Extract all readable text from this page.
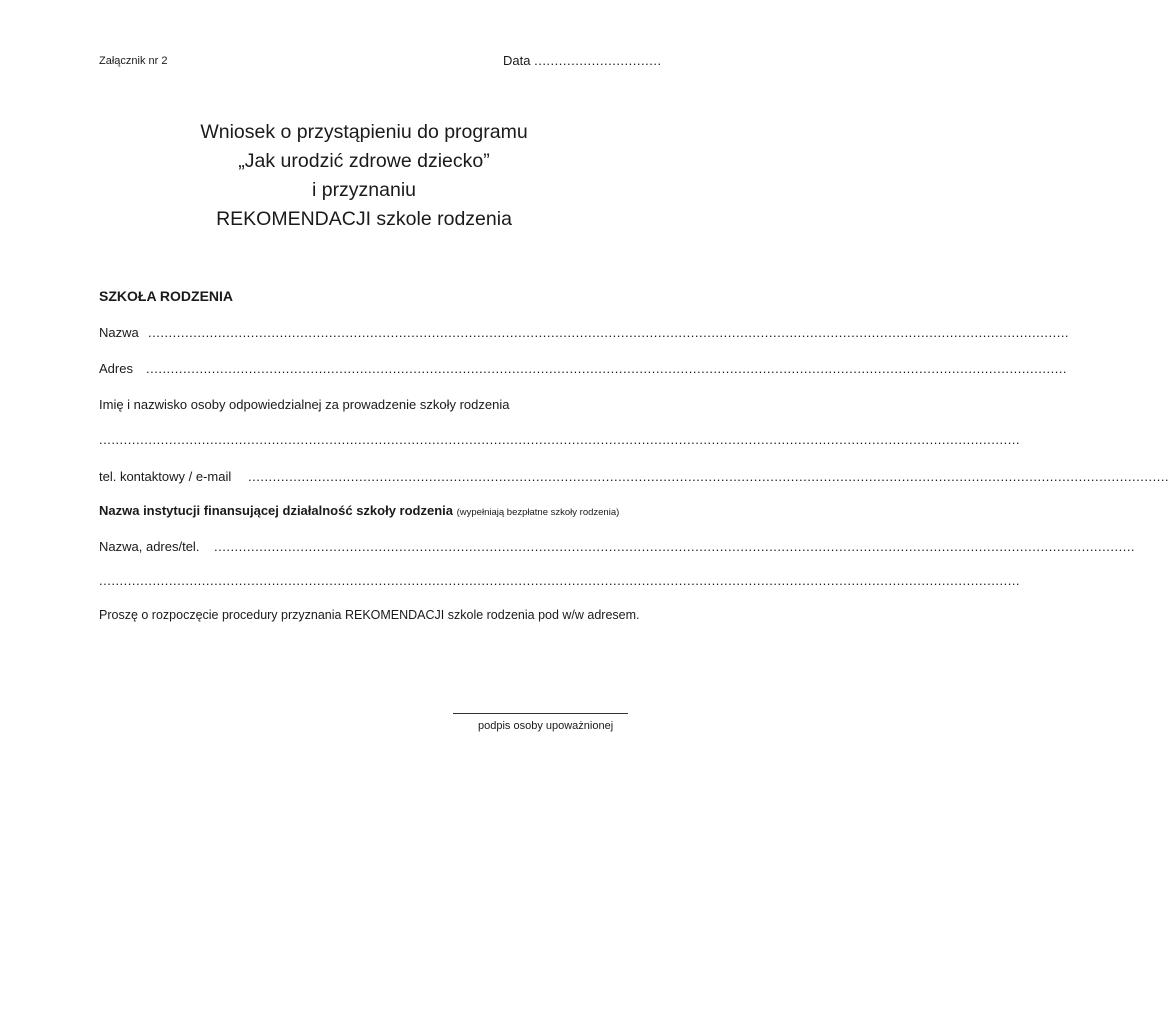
Załącznik nr 2	Data ...............................
Wniosek o przystąpieniu do programu
„Jak urodzić zdrowe dziecko”
i przyznaniu
REKOMENDACJI szkole rodzenia
SZKOŁA RODZENIA
Nazwa ................................................................................................................................................................................................................................
Adres ................................................................................................................................................................................................................................
Imię i nazwisko osoby odpowiedzialnej za prowadzenie szkoły rodzenia
................................................................................................................................................................................................................................
tel. kontaktowy / e-mail ................................................................................................................................................................................................................................
Nazwa instytucji finansującej działalność szkoły rodzenia (wypełniają bezpłatne szkoły rodzenia)
Nazwa, adres/tel. ................................................................................................................................................................................................................................
................................................................................................................................................................................................................................
Proszę o rozpoczęcie procedury przyznania REKOMENDACJI szkole rodzenia pod w/w adresem.
podpis osoby upoważnionej
